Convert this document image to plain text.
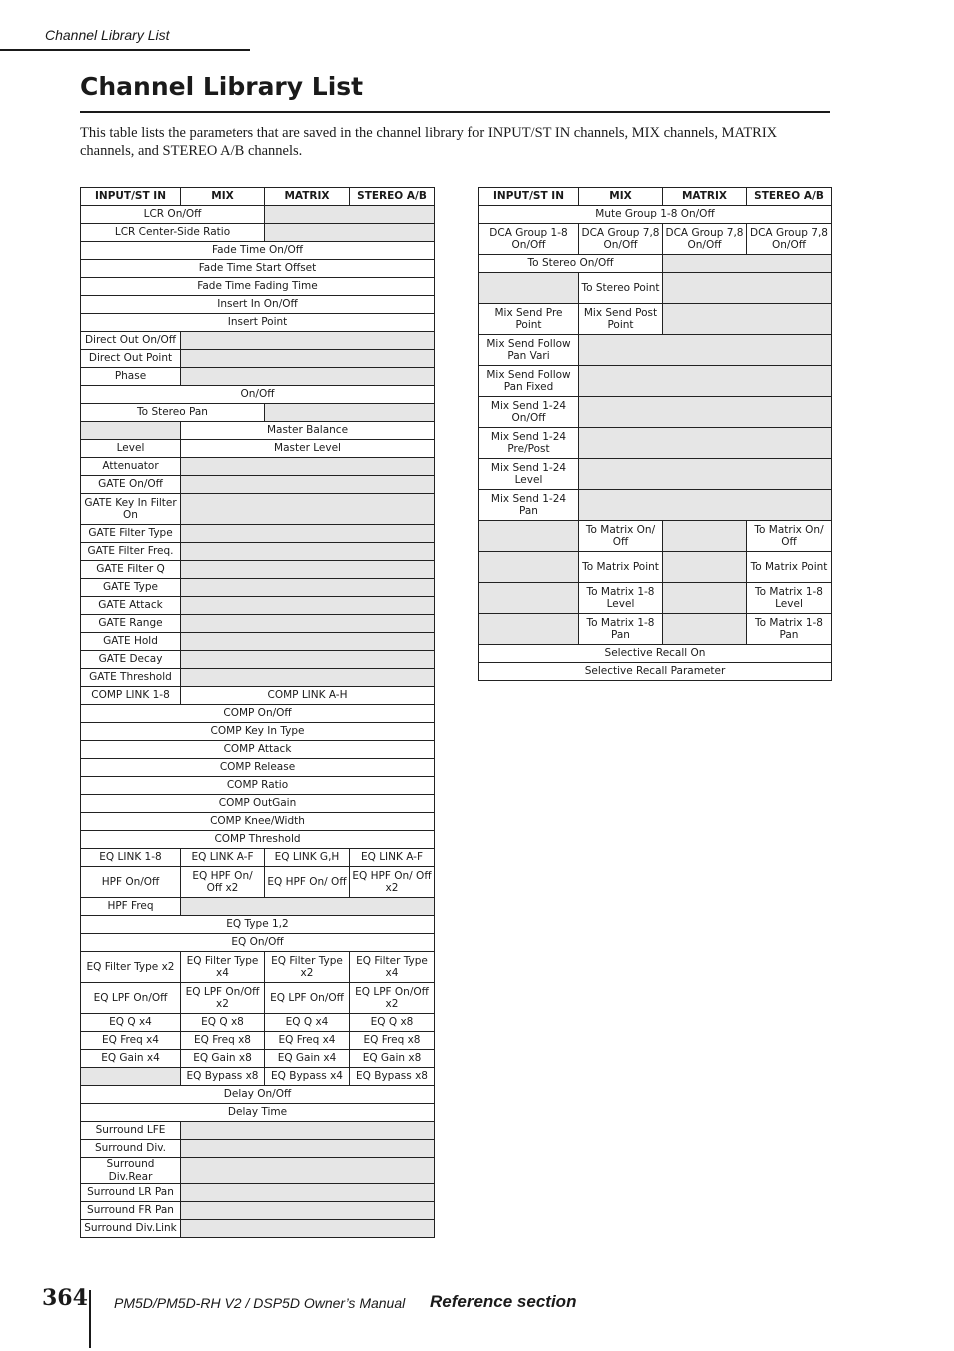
Channel Library List
Channel Library List

This table lists the parameters that are saved in the channel library for INPUT/ST IN channels, MIX channels, MATRIX channels, and STEREO A/B channels.

INPUT/ST IN	MIX	MATRIX	STEREO A/B
LCR On/Off			
LCR Center-Side Ratio			
Fade Time On/Off			
Fade Time Start Offset			
Fade Time Fading Time			
Insert In On/Off			
Insert Point			
Direct Out On/Off			
Direct Out Point			
Phase			
On/Off			
To Stereo Pan			
	Master Balance		
Level	Master Level		
Attenuator			
GATE On/Off			
GATE Key In Filter On			
GATE Filter Type			
GATE Filter Freq.			
GATE Filter Q			
GATE Type			
GATE Attack			
GATE Range			
GATE Hold			
GATE Decay			
GATE Threshold			
COMP LINK 1-8	COMP LINK A-H		
COMP On/Off			
COMP Key In Type			
COMP Attack			
COMP Release			
COMP Ratio			
COMP OutGain			
COMP Knee/Width			
COMP Threshold			
EQ LINK 1-8	EQ LINK A-F	EQ LINK G,H	EQ LINK A-F
HPF On/Off	EQ HPF On/ Off x2	EQ HPF On/ Off	EQ HPF On/ Off x2
HPF Freq			
EQ Type 1,2			
EQ On/Off			
EQ Filter Type x2	EQ Filter Type x4	EQ Filter Type x2	EQ Filter Type x4
EQ LPF On/Off	EQ LPF On/Off x2	EQ LPF On/Off	EQ LPF On/Off x2
EQ Q x4	EQ Q x8	EQ Q x4	EQ Q x8
EQ Freq x4	EQ Freq x8	EQ Freq x4	EQ Freq x8
EQ Gain x4	EQ Gain x8	EQ Gain x4	EQ Gain x8
	EQ Bypass x8	EQ Bypass x4	EQ Bypass x8
Delay On/Off			
Delay Time			
Surround LFE			
Surround Div.			
Surround Div.Rear			
Surround LR Pan			
Surround FR Pan			
Surround Div.Link			
INPUT/ST IN	MIX	MATRIX	STEREO A/B
Mute Group 1-8 On/Off			
DCA Group 1-8 On/Off	DCA Group 7,8 On/Off	DCA Group 7,8 On/Off	DCA Group 7,8 On/Off
To Stereo On/Off			
	To Stereo Point		
Mix Send Pre Point	Mix Send Post Point		
Mix Send Follow Pan Vari			
Mix Send Follow Pan Fixed			
Mix Send 1-24 On/Off			
Mix Send 1-24 Pre/Post			
Mix Send 1-24 Level			
Mix Send 1-24 Pan			
	To Matrix On/ Off		To Matrix On/ Off
	To Matrix Point		To Matrix Point
	To Matrix 1-8 Level		To Matrix 1-8 Level
	To Matrix 1-8 Pan		To Matrix 1-8 Pan
Selective Recall On			
Selective Recall Parameter			
364 PM5D/PM5D-RH V2 / DSP5D Owner’s Manual Reference section
